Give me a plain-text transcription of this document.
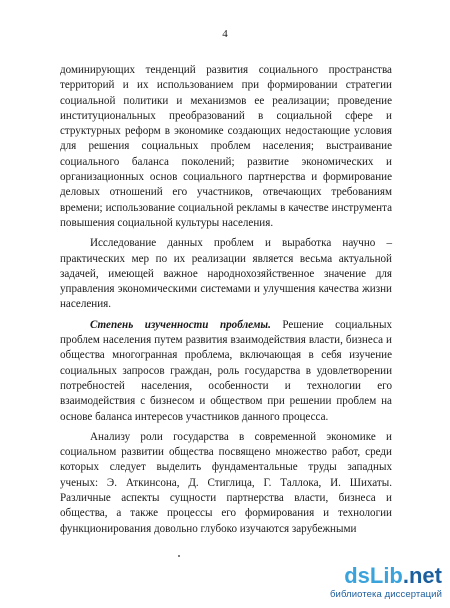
4

доминирующих тенденций развития социального пространства территорий и их использованием при формировании стратегии социальной политики и механизмов ее реализации; проведение институциональных преобразований в социальной сфере и структурных реформ в экономике создающих недостающие условия для решения социальных проблем населения; выстраивание социального баланса поколений; развитие экономических и организационных основ социального партнерства и формирование деловых отношений его участников, отвечающих требованиям времени; использование социальной рекламы в качестве инструмента повышения социальной культуры населения.

Исследование данных проблем и выработка научно – практических мер по их реализации является весьма актуальной задачей, имеющей важное народнохозяйственное значение для управления экономическими системами и улучшения качества жизни населения.

Степень изученности проблемы. Решение социальных проблем населения путем развития взаимодействия власти, бизнеса и общества многогранная проблема, включающая в себя изучение социальных запросов граждан, роль государства в удовлетворении потребностей населения, особенности и технологии его взаимодействия с бизнесом и обществом при решении проблем на основе баланса интересов участников данного процесса.

Анализу роли государства в современной экономике и социальном развитии общества посвящено множество работ, среди которых следует выделить фундаментальные труды западных ученых: Э. Аткинсона, Д. Стиглица, Г. Таллока, И. Шихаты. Различные аспекты сущности партнерства власти, бизнеса и общества, а также процессы его формирования и технологии функционирования довольно глубоко изучаются зарубежными

dsLib.net
библиотека диссертаций
